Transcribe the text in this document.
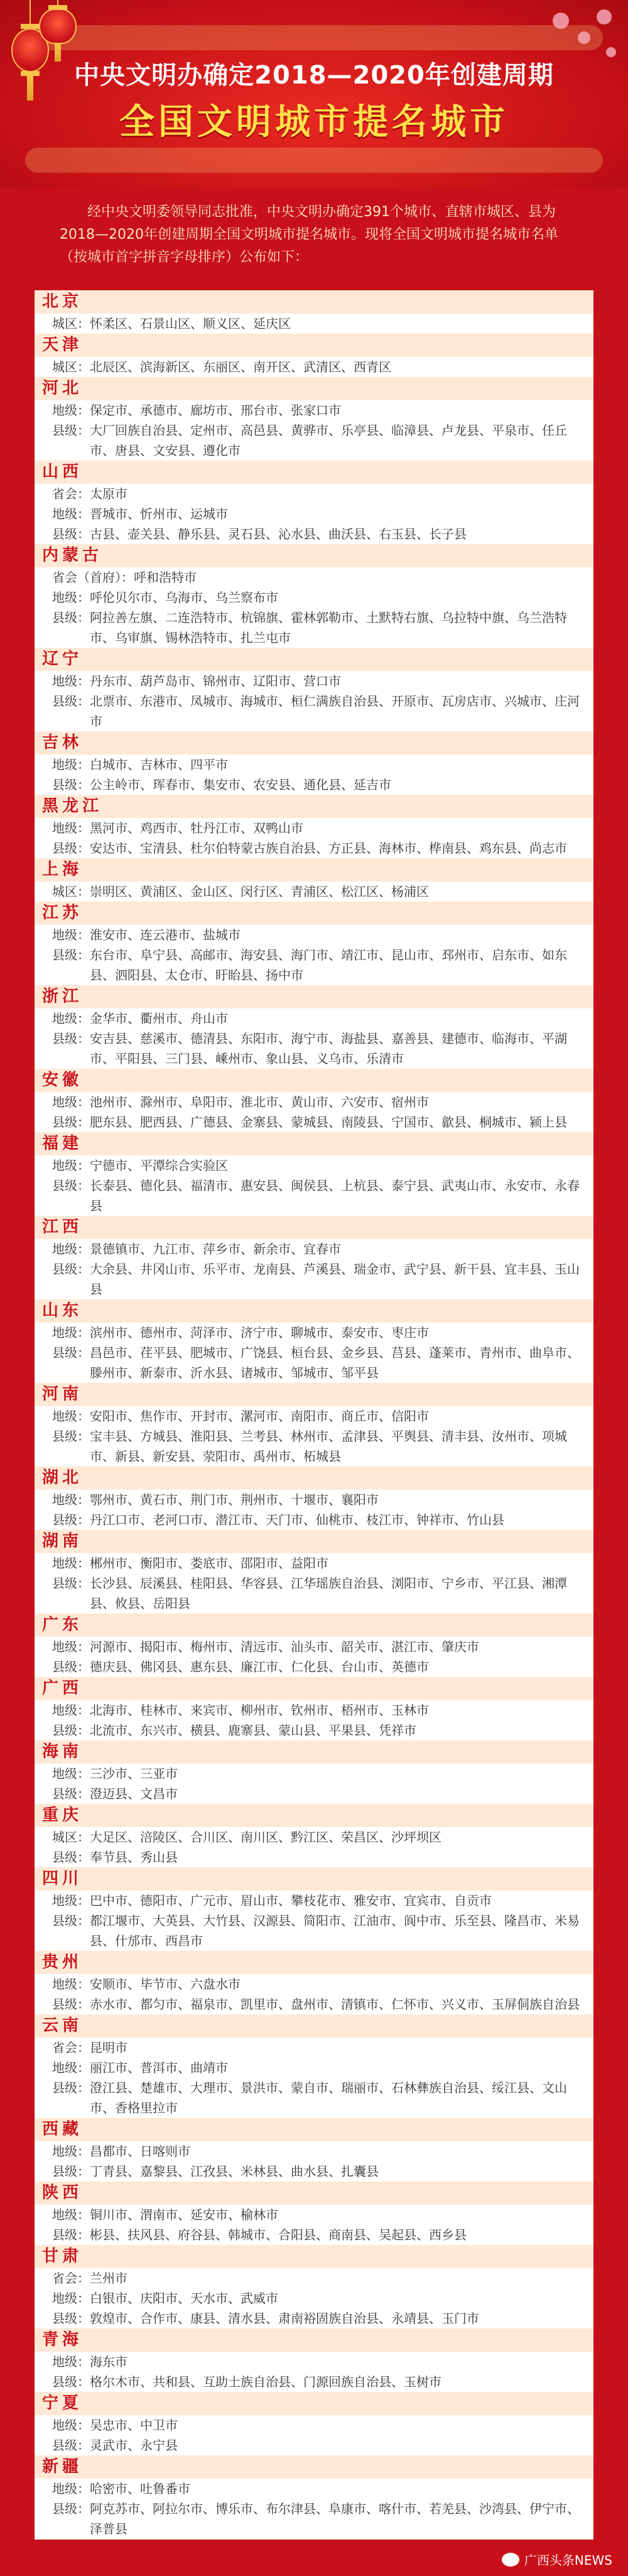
中央文明办确定2018—2020年创建周期
全国文明城市提名城市

经中央文明委领导同志批准，中央文明办确定391个城市、直辖市城区、县为2018—2020年创建周期全国文明城市提名城市。现将全国文明城市提名城市名单（按城市首字拼音字母排序）公布如下：

北京
城区： 怀柔区、石景山区、顺义区、延庆区
天津
城区： 北辰区、滨海新区、东丽区、南开区、武清区、西青区
河北
地级： 保定市、承德市、廊坊市、邢台市、张家口市
县级： 大厂回族自治县、定州市、高邑县、黄骅市、乐亭县、临漳县、卢龙县、平泉市、任丘市、唐县、文安县、遵化市
山西
省会： 太原市
地级： 晋城市、忻州市、运城市
县级： 古县、壶关县、静乐县、灵石县、沁水县、曲沃县、右玉县、长子县
内蒙古
省会（首府）： 呼和浩特市
地级： 呼伦贝尔市、乌海市、乌兰察布市
县级： 阿拉善左旗、二连浩特市、杭锦旗、霍林郭勒市、土默特右旗、乌拉特中旗、乌兰浩特市、乌审旗、锡林浩特市、扎兰屯市
辽宁
地级： 丹东市、葫芦岛市、锦州市、辽阳市、营口市
县级： 北票市、东港市、凤城市、海城市、桓仁满族自治县、开原市、瓦房店市、兴城市、庄河市
吉林
地级： 白城市、吉林市、四平市
县级： 公主岭市、珲春市、集安市、农安县、通化县、延吉市
黑龙江
地级： 黑河市、鸡西市、牡丹江市、双鸭山市
县级： 安达市、宝清县、杜尔伯特蒙古族自治县、方正县、海林市、桦南县、鸡东县、尚志市
上海
城区： 崇明区、黄浦区、金山区、闵行区、青浦区、松江区、杨浦区
江苏
地级： 淮安市、连云港市、盐城市
县级： 东台市、阜宁县、高邮市、海安县、海门市、靖江市、昆山市、邳州市、启东市、如东县、泗阳县、太仓市、盱眙县、扬中市
浙江
地级： 金华市、衢州市、舟山市
县级： 安吉县、慈溪市、德清县、东阳市、海宁市、海盐县、嘉善县、建德市、临海市、平湖市、平阳县、三门县、嵊州市、象山县、义乌市、乐清市
安徽
地级： 池州市、滁州市、阜阳市、淮北市、黄山市、六安市、宿州市
县级： 肥东县、肥西县、广德县、金寨县、蒙城县、南陵县、宁国市、歙县、桐城市、颍上县
福建
地级： 宁德市、平潭综合实验区
县级： 长泰县、德化县、福清市、惠安县、闽侯县、上杭县、泰宁县、武夷山市、永安市、永春县
江西
地级： 景德镇市、九江市、萍乡市、新余市、宜春市
县级： 大余县、井冈山市、乐平市、龙南县、芦溪县、瑞金市、武宁县、新干县、宜丰县、玉山县
山东
地级： 滨州市、德州市、菏泽市、济宁市、聊城市、泰安市、枣庄市
县级： 昌邑市、荏平县、肥城市、广饶县、桓台县、金乡县、莒县、蓬莱市、青州市、曲阜市、滕州市、新泰市、沂水县、诸城市、邹城市、邹平县
河南
地级： 安阳市、焦作市、开封市、漯河市、南阳市、商丘市、信阳市
县级： 宝丰县、方城县、淮阳县、兰考县、林州市、孟津县、平舆县、清丰县、汝州市、项城市、新县、新安县、荥阳市、禹州市、柘城县
湖北
地级： 鄂州市、黄石市、荆门市、荆州市、十堰市、襄阳市
县级： 丹江口市、老河口市、潜江市、天门市、仙桃市、枝江市、钟祥市、竹山县
湖南
地级： 郴州市、衡阳市、娄底市、邵阳市、益阳市
县级： 长沙县、辰溪县、桂阳县、华容县、江华瑶族自治县、浏阳市、宁乡市、平江县、湘潭县、攸县、岳阳县
广东
地级： 河源市、揭阳市、梅州市、清远市、汕头市、韶关市、湛江市、肇庆市
县级： 德庆县、佛冈县、惠东县、廉江市、仁化县、台山市、英德市
广西
地级： 北海市、桂林市、来宾市、柳州市、钦州市、梧州市、玉林市
县级： 北流市、东兴市、横县、鹿寨县、蒙山县、平果县、凭祥市
海南
地级： 三沙市、三亚市
县级： 澄迈县、文昌市
重庆
城区： 大足区、涪陵区、合川区、南川区、黔江区、荣昌区、沙坪坝区
县级： 奉节县、秀山县
四川
地级： 巴中市、德阳市、广元市、眉山市、攀枝花市、雅安市、宜宾市、自贡市
县级： 都江堰市、大英县、大竹县、汉源县、简阳市、江油市、阆中市、乐至县、隆昌市、米易县、什邡市、西昌市
贵州
地级： 安顺市、毕节市、六盘水市
县级： 赤水市、都匀市、福泉市、凯里市、盘州市、清镇市、仁怀市、兴义市、玉屏侗族自治县
云南
省会： 昆明市
地级： 丽江市、普洱市、曲靖市
县级： 澄江县、楚雄市、大理市、景洪市、蒙自市、瑞丽市、石林彝族自治县、绥江县、文山市、香格里拉市
西藏
地级： 昌都市、日喀则市
县级： 丁青县、嘉黎县、江孜县、米林县、曲水县、扎囊县
陕西
地级： 铜川市、渭南市、延安市、榆林市
县级： 彬县、扶风县、府谷县、韩城市、合阳县、商南县、吴起县、西乡县
甘肃
省会： 兰州市
地级： 白银市、庆阳市、天水市、武威市
县级： 敦煌市、合作市、康县、清水县、肃南裕固族自治县、永靖县、玉门市
青海
地级： 海东市
县级： 格尔木市、共和县、互助土族自治县、门源回族自治县、玉树市
宁夏
地级： 吴忠市、中卫市
县级： 灵武市、永宁县
新疆
地级： 哈密市、吐鲁番市
县级： 阿克苏市、阿拉尔市、博乐市、布尔津县、阜康市、喀什市、若羌县、沙湾县、伊宁市、泽普县
广西头条NEWS
